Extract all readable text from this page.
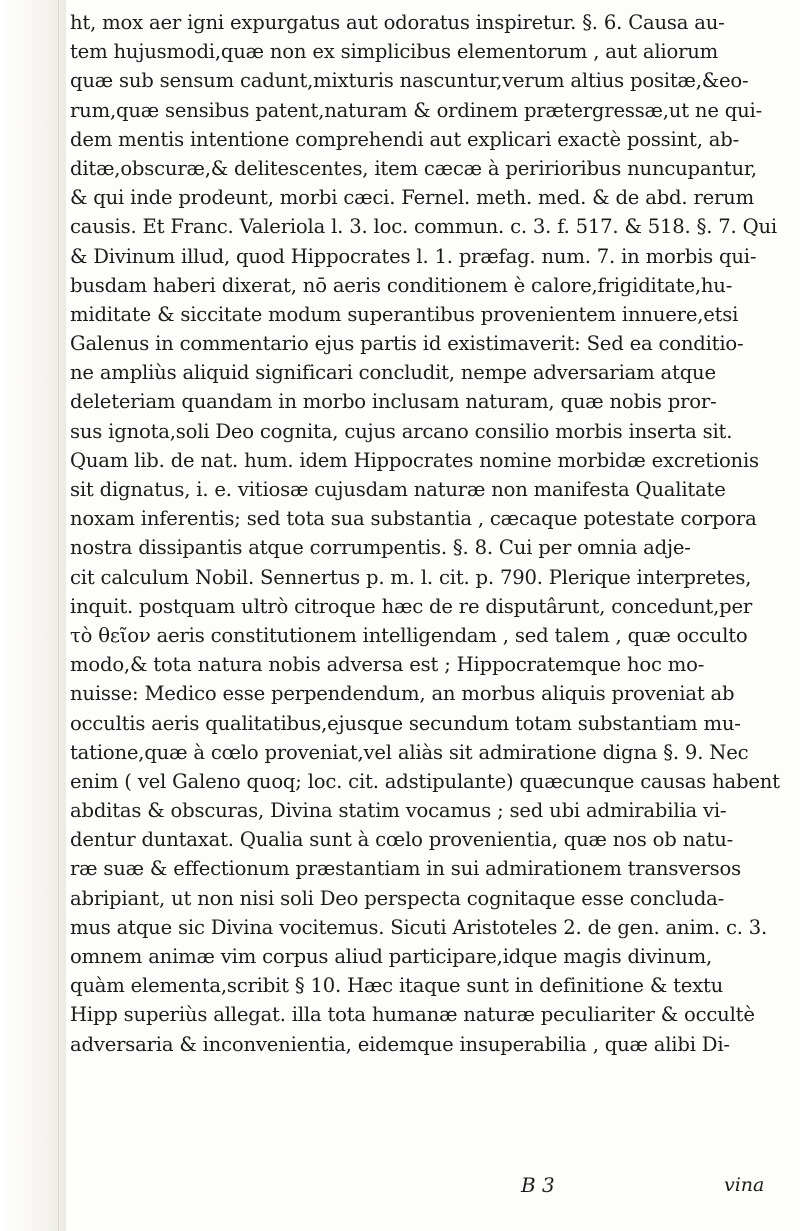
ht, mox aer igni expurgatus aut odoratus inspiretur. §. 6. Causa au-
tem hujusmodi,quæ non ex simplicibus elementorum , aut aliorum
quæ sub sensum cadunt,mixturis nascuntur,verum altius positæ,&eo-
rum,quæ sensibus patent,naturam & ordinem prætergressæ,ut ne qui-
dem mentis intentione comprehendi aut explicari exactè possint, ab-
ditæ,obscuræ,& delitescentes, item cæcæ à peririoribus nuncupantur,
& qui inde prodeunt, morbi cæci. Fernel. meth. med. & de abd. rerum
causis. Et Franc. Valeriola l. 3. loc. commun. c. 3. f. 517. & 518. §. 7. Qui
& Divinum illud, quod Hippocrates l. 1. præfag. num. 7. in morbis qui-
busdam haberi dixerat, nō aeris conditionem è calore,frigiditate,hu-
miditate & siccitate modum superantibus provenientem innuere,etsi
Galenus in commentario ejus partis id existimaverit: Sed ea conditio-
ne ampliùs aliquid significari concludit, nempe adversariam atque
deleteriam quandam in morbo inclusam naturam, quæ nobis pror-
sus ignota,soli Deo cognita, cujus arcano consilio morbis inserta sit.
Quam lib. de nat. hum. idem Hippocrates nomine morbidæ excretionis
sit dignatus, i. e. vitiosæ cujusdam naturæ non manifesta Qualitate
noxam inferentis; sed tota sua substantia , cæcaque potestate corpora
nostra dissipantis atque corrumpentis. §. 8. Cui per omnia adje-
cit calculum Nobil. Sennertus p. m. l. cit. p. 790. Plerique interpretes,
inquit. postquam ultrò citroque hæc de re disputârunt, concedunt,per
τὸ θεῖον aeris constitutionem intelligendam , sed talem , quæ occulto
modo,& tota natura nobis adversa est ; Hippocratemque hoc mo-
nuisse: Medico esse perpendendum, an morbus aliquis proveniat ab
occultis aeris qualitatibus,ejusque secundum totam substantiam mu-
tatione,quæ à cœlo proveniat,vel aliàs sit admiratione digna §. 9. Nec
enim ( vel Galeno quoq; loc. cit. adstipulante) quæcunque causas habent
abditas & obscuras, Divina statim vocamus ; sed ubi admirabilia vi-
dentur duntaxat. Qualia sunt à cœlo provenientia, quæ nos ob natu-
ræ suæ & effectionum præstantiam in sui admirationem transversos
abripiant, ut non nisi soli Deo perspecta cognitaque esse concluda-
mus atque sic Divina vocitemus. Sicuti Aristoteles 2. de gen. anim. c. 3.
omnem animæ vim corpus aliud participare,idque magis divinum,
quàm elementa,scribit § 10. Hæc itaque sunt in definitione & textu
Hipp superiùs allegat. illa tota humanæ naturæ peculiariter & occultè
adversaria & inconvenientia, eidemque insuperabilia , quæ alibi Di-
B 3	vina
